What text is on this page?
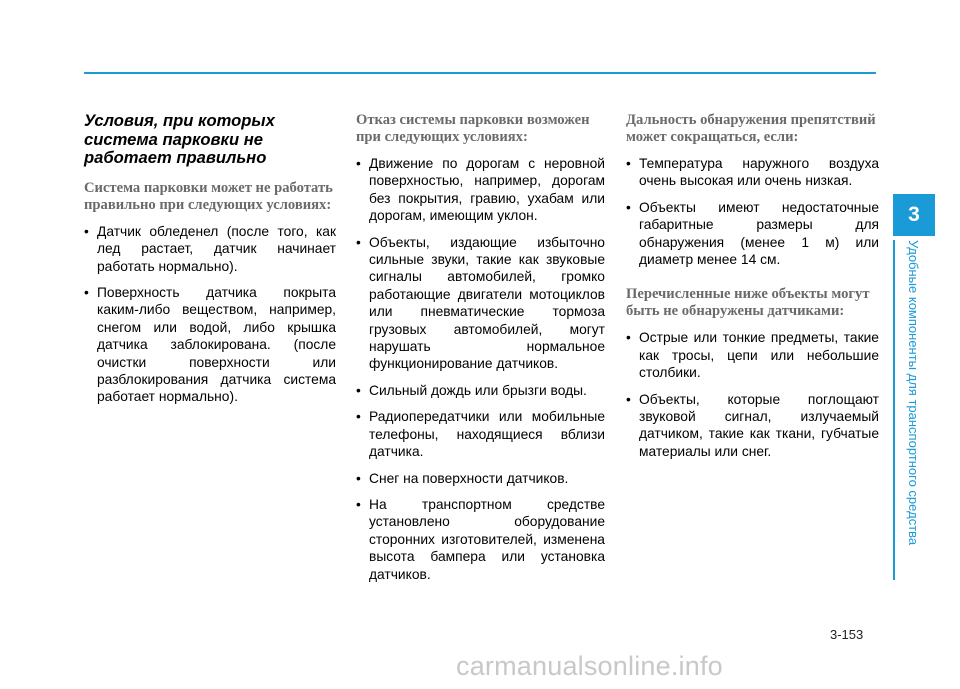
Условия, при которых система парковки не работает правильно
Система парковки может не работать правильно при следующих условиях:
• Датчик обледенел (после того, как лед растает, датчик начинает работать нормально).
• Поверхность датчика покрыта каким-либо веществом, например, снегом или водой, либо крышка датчика заблокирована. (после очистки поверхности или разблокирования датчика система работает нормально).
Отказ системы парковки возможен при следующих условиях:
• Движение по дорогам с неровной поверхностью, например, дорогам без покрытия, гравию, ухабам или дорогам, имеющим уклон.
• Объекты, издающие избыточно сильные звуки, такие как звуковые сигналы автомобилей, громко работающие двигатели мотоциклов или пневматические тормоза грузовых автомобилей, могут нарушать нормальное функционирование датчиков.
• Сильный дождь или брызги воды.
• Радиопередатчики или мобильные телефоны, находящиеся вблизи датчика.
• Снег на поверхности датчиков.
• На транспортном средстве установлено оборудование сторонних изготовителей, изменена высота бампера или установка датчиков.
Дальность обнаружения препятствий может сокращаться, если:
• Температура наружного воздуха очень высокая или очень низкая.
• Объекты имеют недостаточные габаритные размеры для обнаружения (менее 1 м) или диаметр менее 14 см.
Перечисленные ниже объекты могут быть не обнаружены датчиками:
• Острые или тонкие предметы, такие как тросы, цепи или небольшие столбики.
• Объекты, которые поглощают звуковой сигнал, излучаемый датчиком, такие как ткани, губчатые материалы или снег.
3
Удобные компоненты для транспортного средства
3-153
carmanualsonline.info
